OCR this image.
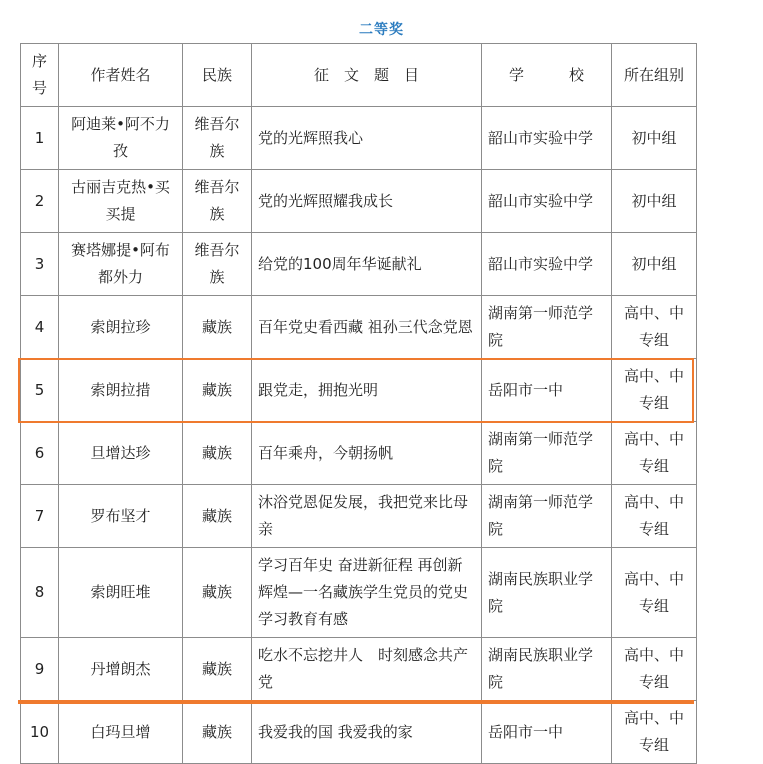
二等奖
序号	作者姓名	民族	征　文　题　目	学　　　校	所在组别
1	阿迪莱•阿不力孜	维吾尔族	党的光辉照我心	韶山市实验中学	初中组
2	古丽吉克热•买买提	维吾尔族	党的光辉照耀我成长	韶山市实验中学	初中组
3	赛塔娜提•阿布都外力	维吾尔族	给党的100周年华诞献礼	韶山市实验中学	初中组
4	索朗拉珍	藏族	百年党史看西藏 祖孙三代念党恩	湖南第一师范学院	高中、中专组
5	索朗拉措	藏族	跟党走，拥抱光明	岳阳市一中	高中、中专组
6	旦增达珍	藏族	百年乘舟，今朝扬帆	湖南第一师范学院	高中、中专组
7	罗布坚才	藏族	沐浴党恩促发展，我把党来比母亲	湖南第一师范学院	高中、中专组
8	索朗旺堆	藏族	学习百年史 奋进新征程 再创新辉煌—一名藏族学生党员的党史学习教育有感	湖南民族职业学院	高中、中专组
9	丹增朗杰	藏族	吃水不忘挖井人　时刻感念共产党	湖南民族职业学院	高中、中专组
10	白玛旦增	藏族	我爱我的国 我爱我的家	岳阳市一中	高中、中专组
